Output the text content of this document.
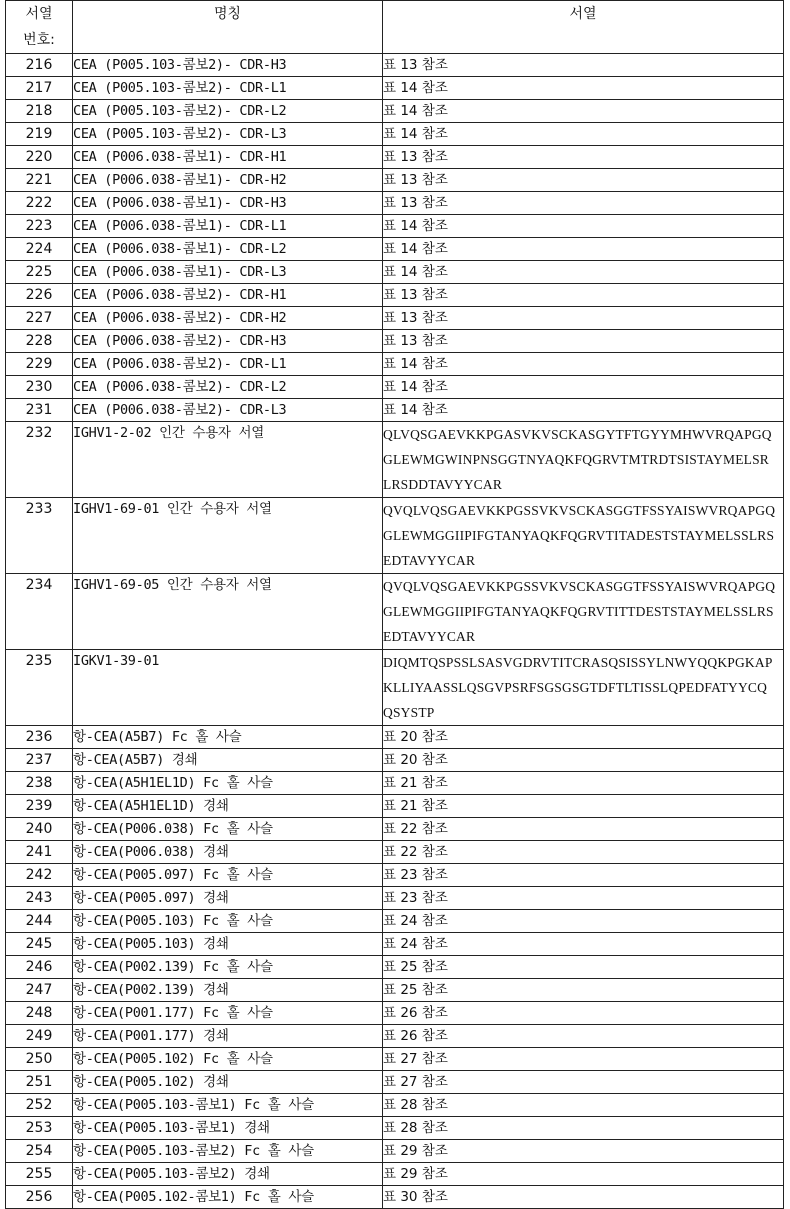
서열
번호:	명칭	서열
216	CEA (P005.103-콤보2)- CDR-H3	표 13 참조
217	CEA (P005.103-콤보2)- CDR-L1	표 14 참조
218	CEA (P005.103-콤보2)- CDR-L2	표 14 참조
219	CEA (P005.103-콤보2)- CDR-L3	표 14 참조
220	CEA (P006.038-콤보1)- CDR-H1	표 13 참조
221	CEA (P006.038-콤보1)- CDR-H2	표 13 참조
222	CEA (P006.038-콤보1)- CDR-H3	표 13 참조
223	CEA (P006.038-콤보1)- CDR-L1	표 14 참조
224	CEA (P006.038-콤보1)- CDR-L2	표 14 참조
225	CEA (P006.038-콤보1)- CDR-L3	표 14 참조
226	CEA (P006.038-콤보2)- CDR-H1	표 13 참조
227	CEA (P006.038-콤보2)- CDR-H2	표 13 참조
228	CEA (P006.038-콤보2)- CDR-H3	표 13 참조
229	CEA (P006.038-콤보2)- CDR-L1	표 14 참조
230	CEA (P006.038-콤보2)- CDR-L2	표 14 참조
231	CEA (P006.038-콤보2)- CDR-L3	표 14 참조
232	IGHV1-2-02 인간 수용자 서열	QLVQSGAEVKKPGASVKVSCKASGYTFTGYYMHWVRQAPGQGLEWMGWINPNSGGTNYAQKFQGRVTMTRDTSISTAYMELSRLRSDDTAVYYCAR
233	IGHV1-69-01 인간 수용자 서열	QVQLVQSGAEVKKPGSSVKVSCKASGGTFSSYAISWVRQAPGQGLEWMGGIIPIFGTANYAQKFQGRVTITADESTSTAYMELSSLRSEDTAVYYCAR
234	IGHV1-69-05 인간 수용자 서열	QVQLVQSGAEVKKPGSSVKVSCKASGGTFSSYAISWVRQAPGQGLEWMGGIIPIFGTANYAQKFQGRVTITTDESTSTAYMELSSLRSEDTAVYYCAR
235	IGKV1-39-01	DIQMTQSPSSLSASVGDRVTITCRASQSISSYLNWYQQKPGKAPKLLIYAASSLQSGVPSRFSGSGSGTDFTLTISSLQPEDFATYYCQQSYSTP
236	항-CEA(A5B7) Fc 홀 사슬	표 20 참조
237	항-CEA(A5B7) 경쇄	표 20 참조
238	항-CEA(A5H1EL1D) Fc 홀 사슬	표 21 참조
239	항-CEA(A5H1EL1D) 경쇄	표 21 참조
240	항-CEA(P006.038) Fc 홀 사슬	표 22 참조
241	항-CEA(P006.038) 경쇄	표 22 참조
242	항-CEA(P005.097) Fc 홀 사슬	표 23 참조
243	항-CEA(P005.097) 경쇄	표 23 참조
244	항-CEA(P005.103) Fc 홀 사슬	표 24 참조
245	항-CEA(P005.103) 경쇄	표 24 참조
246	항-CEA(P002.139) Fc 홀 사슬	표 25 참조
247	항-CEA(P002.139) 경쇄	표 25 참조
248	항-CEA(P001.177) Fc 홀 사슬	표 26 참조
249	항-CEA(P001.177) 경쇄	표 26 참조
250	항-CEA(P005.102) Fc 홀 사슬	표 27 참조
251	항-CEA(P005.102) 경쇄	표 27 참조
252	항-CEA(P005.103-콤보1) Fc 홀 사슬	표 28 참조
253	항-CEA(P005.103-콤보1) 경쇄	표 28 참조
254	항-CEA(P005.103-콤보2) Fc 홀 사슬	표 29 참조
255	항-CEA(P005.103-콤보2) 경쇄	표 29 참조
256	항-CEA(P005.102-콤보1) Fc 홀 사슬	표 30 참조
